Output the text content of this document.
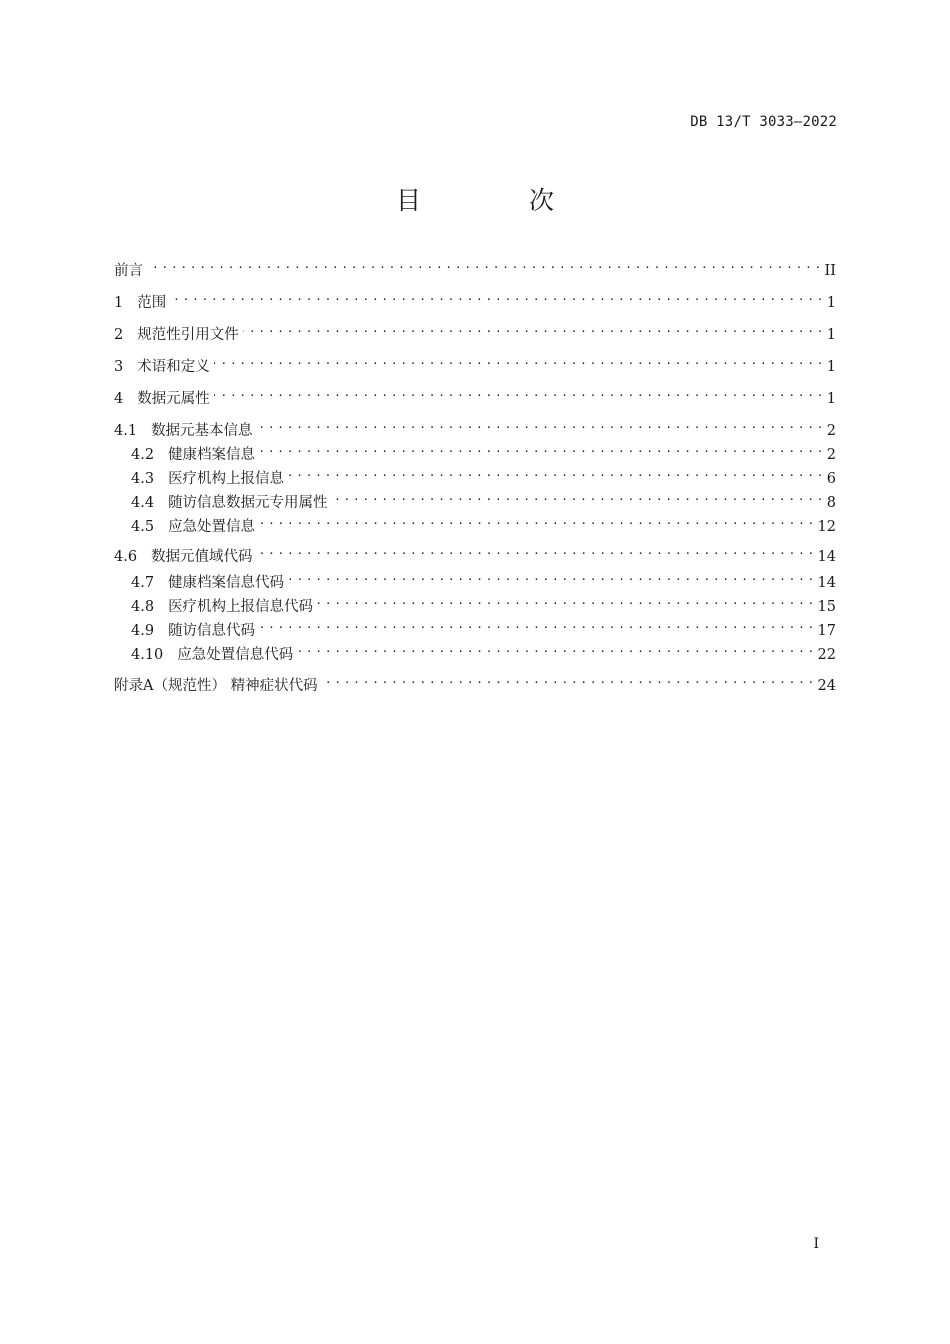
DB 13/T 3033—2022
目 次
前言 . . .	II
1 范围 . . .	1
2 规范性引用文件 . . .	1
3 术语和定义 . . .	1
4 数据元属性 . . .	1
4.1 数据元基本信息 . . .	2
4.2 健康档案信息 . . .	2
4.3 医疗机构上报信息 . . .	6
4.4 随访信息数据元专用属性 . . .	8
4.5 应急处置信息 . . .	12
4.6 数据元值域代码 . . .	14
4.7 健康档案信息代码 . . .	14
4.8 医疗机构上报信息代码 . . .	15
4.9 随访信息代码 . . .	17
4.10 应急处置信息代码 . . .	22
附录A（规范性） 精神症状代码 . . .	24
I
